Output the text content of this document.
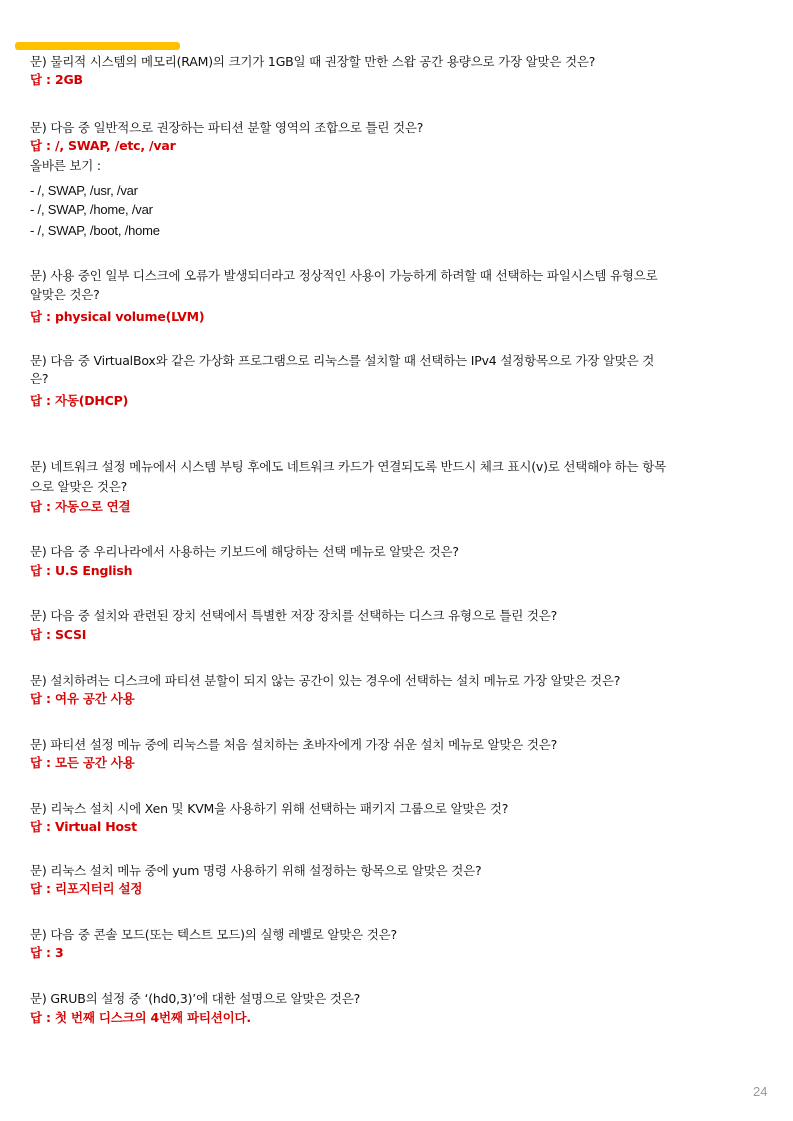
문) 물리적 시스템의 메모리(RAM)의 크기가 1GB일 때 권장할 만한 스왑 공간 용량으로 가장 알맞은 것은?
답 : 2GB
문) 다음 중 일반적으로 권장하는 파티션 분할 영역의 조합으로 틀린 것은?
답 : /, SWAP, /etc, /var
올바른 보기 :
- /, SWAP, /usr, /var
- /, SWAP, /home, /var
- /, SWAP, /boot, /home
문) 사용 중인 일부 디스크에 오류가 발생되더라고 정상적인 사용이 가능하게 하려할 때 선택하는 파일시스템 유형으로
알맞은 것은?
답 : physical volume(LVM)
문) 다음 중 VirtualBox와 같은 가상화 프로그램으로 리눅스를 설치할 때 선택하는 IPv4 설정항목으로 가장 알맞은 것
은?
답 : 자동(DHCP)
문) 네트워크 설정 메뉴에서 시스템 부팅 후에도 네트워크 카드가 연결되도록 반드시 체크 표시(v)로 선택해야 하는 항목
으로 알맞은 것은?
답 : 자동으로 연결
문) 다음 중 우리나라에서 사용하는 키보드에 해당하는 선택 메뉴로 알맞은 것은?
답 : U.S English
문) 다음 중 설치와 관련된 장치 선택에서 특별한 저장 장치를 선택하는 디스크 유형으로 틀린 것은?
답 : SCSI
문) 설치하려는 디스크에 파티션 분할이 되지 않는 공간이 있는 경우에 선택하는 설치 메뉴로 가장 알맞은 것은?
답 : 여유 공간 사용
문) 파티션 설정 메뉴 중에 리눅스를 처음 설치하는 초바자에게 가장 쉬운 설치 메뉴로 알맞은 것은?
답 : 모든 공간 사용
문) 리눅스 설치 시에 Xen 및 KVM을 사용하기 위해 선택하는 패키지 그룹으로 알맞은 것?
답 : Virtual Host
문) 리눅스 설치 메뉴 중에 yum 명령 사용하기 위해 설정하는 항목으로 알맞은 것은?
답 : 리포지터리 설정
문) 다음 중 콘솔 모드(또는 텍스트 모드)의 실행 레벨로 알맞은 것은?
답 : 3
문) GRUB의 설정 중 ‘(hd0,3)’에 대한 설명으로 알맞은 것은?
답 : 첫 번째 디스크의 4번째 파티션이다.
24
